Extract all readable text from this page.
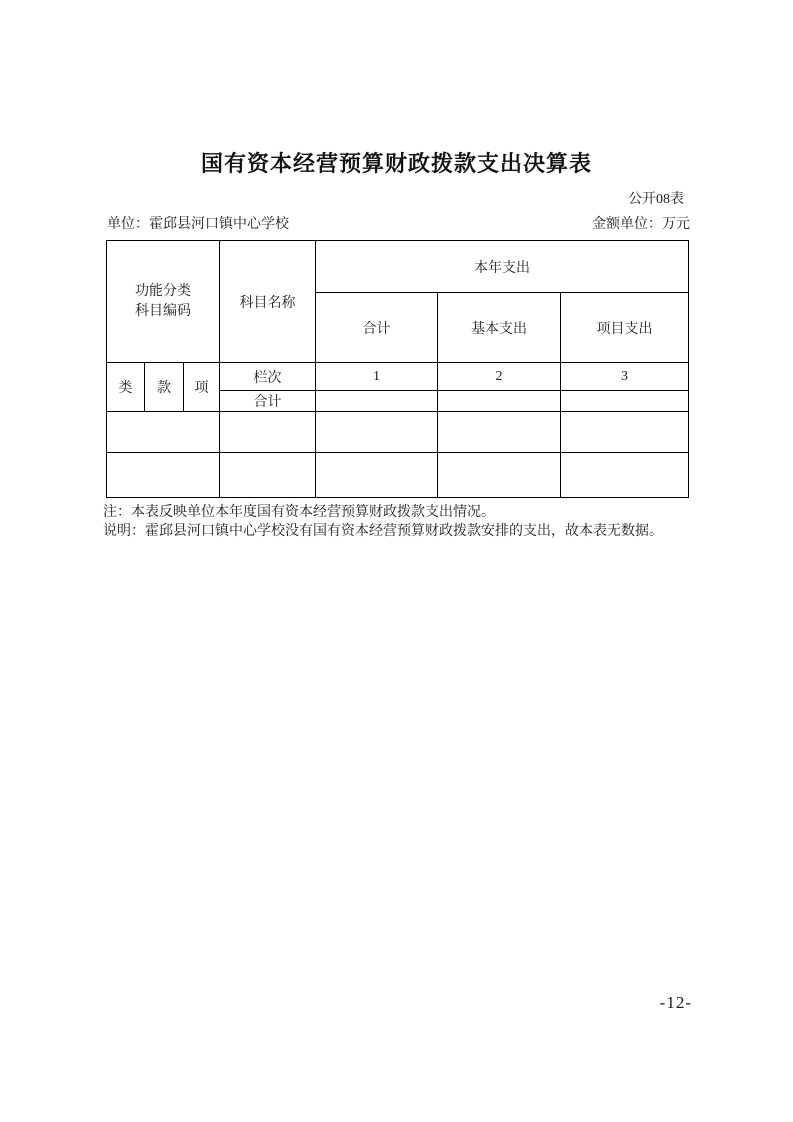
国有资本经营预算财政拨款支出决算表
公开08表
单位：霍邱县河口镇中心学校	金额单位：万元
功能分类
科目编码			科目名称	本年支出		
				合计	基本支出	项目支出
类	款	项	栏次	1	2	3
			合计			

注：本表反映单位本年度国有资本经营预算财政拨款支出情况。
说明：霍邱县河口镇中心学校没有国有资本经营预算财政拨款安排的支出，故本表无数据。
-12-
